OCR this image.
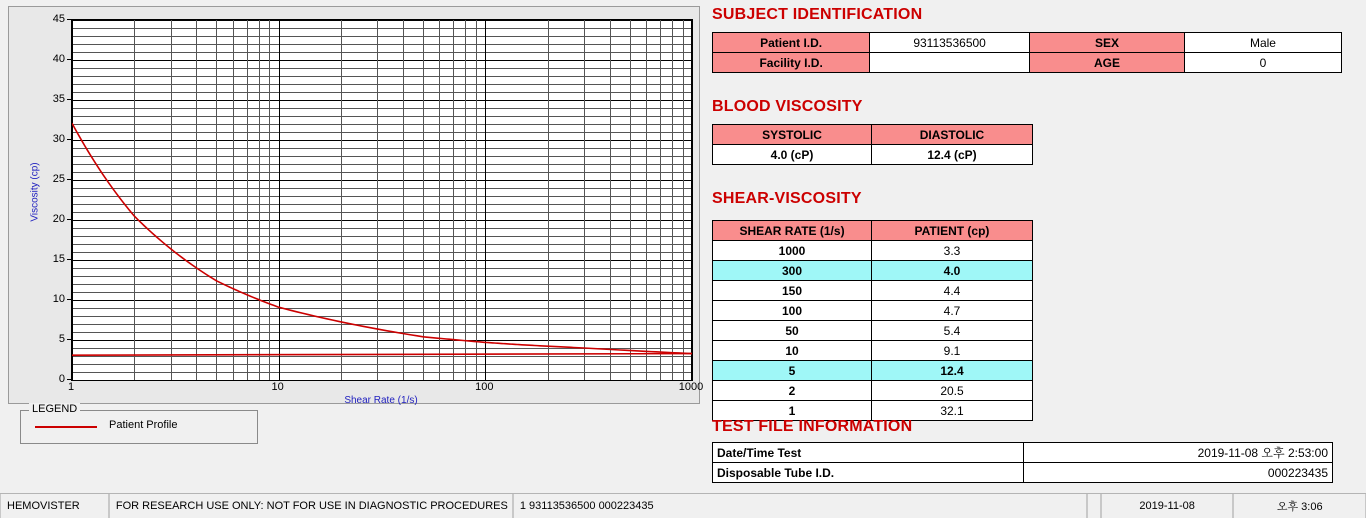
Viscosity (cp)
Shear Rate (1/s)
0
5
10
15
20
25
30
35
40
45
1	10	100	1000
LEGEND
Patient Profile
SUBJECT IDENTIFICATION
Patient I.D.	93113536500	SEX	Male
Facility I.D.		AGE	0
BLOOD VISCOSITY
SYSTOLIC	DIASTOLIC
4.0 (cP)	12.4 (cP)
SHEAR-VISCOSITY
SHEAR RATE (1/s)	PATIENT (cp)
1000	3.3
300	4.0
150	4.4
100	4.7
50	5.4
10	9.1
5	12.4
2	20.5
1	32.1
TEST FILE INFORMATION
Date/Time Test	2019-11-08 오후 2:53:00
Disposable Tube I.D.	000223435
HEMOVISTER	FOR RESEARCH USE ONLY: NOT FOR USE IN DIAGNOSTIC PROCEDURES	1 93113536500 000223435	2019-11-08	오후 3:06
